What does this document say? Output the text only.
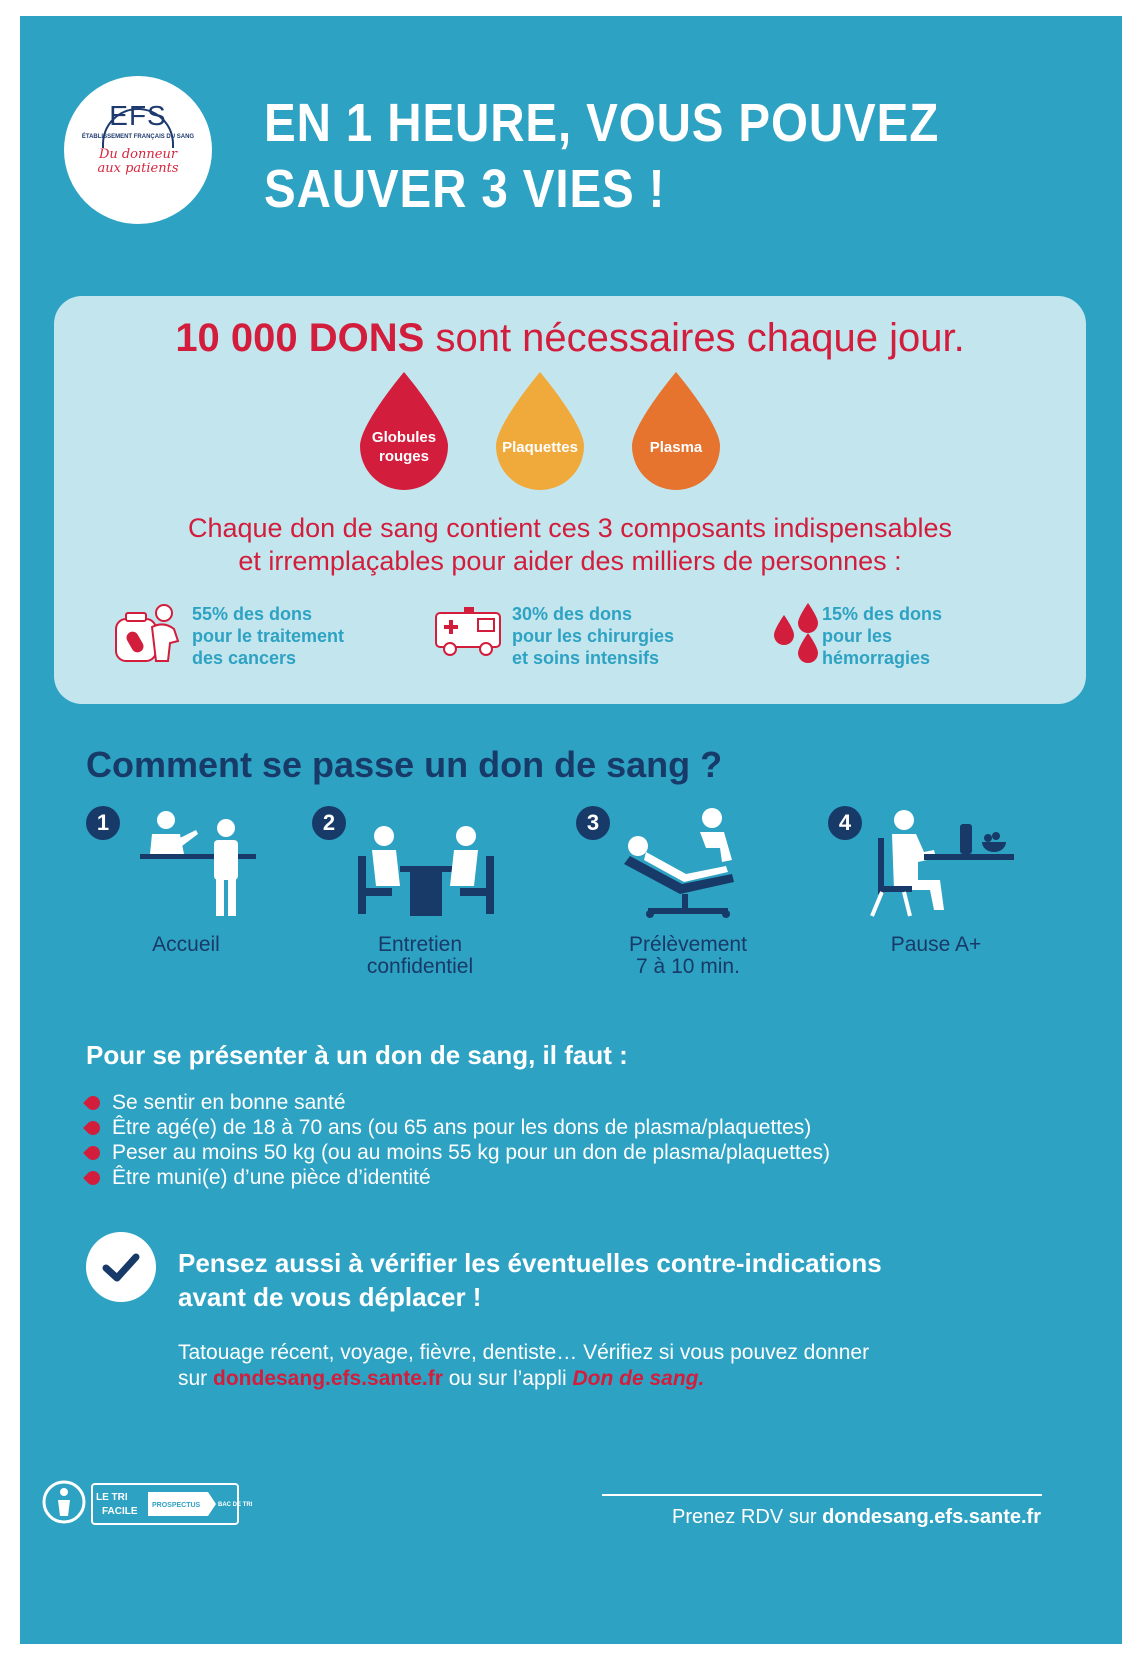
EFS
ÉTABLISSEMENT FRANÇAIS DU SANG
Du donneur
aux patients
EN 1 HEURE, VOUS POUVEZ
SAUVER 3 VIES !
10 000 DONS sont nécessaires chaque jour.
Globules
rouges
Plaquettes	Plasma
Chaque don de sang contient ces 3 composants indispensables
et irremplaçables pour aider des milliers de personnes :
55% des dons
pour le traitement
des cancers
30% des dons
pour les chirurgies
et soins intensifs
15% des dons
pour les
hémorragies
Comment se passe un don de sang ?
1
Accueil
2
Entretien
confidentiel
3
Prélèvement
7 à 10 min.
4
Pause A+
Pour se présenter à un don de sang, il faut :
Se sentir en bonne santé
Être agé(e) de 18 à 70 ans (ou 65 ans pour les dons de plasma/plaquettes)
Peser au moins 50 kg (ou au moins 55 kg pour un don de plasma/plaquettes)
Être muni(e) d’une pièce d’identité
Pensez aussi à vérifier les éventuelles contre-indications
avant de vous déplacer !
Tatouage récent, voyage, fièvre, dentiste… Vérifiez si vous pouvez donner
sur dondesang.efs.sante.fr ou sur l’appli Don de sang.
LE TRI
FACILE
PROSPECTUS	BAC DE TRI
Prenez RDV sur dondesang.efs.sante.fr
